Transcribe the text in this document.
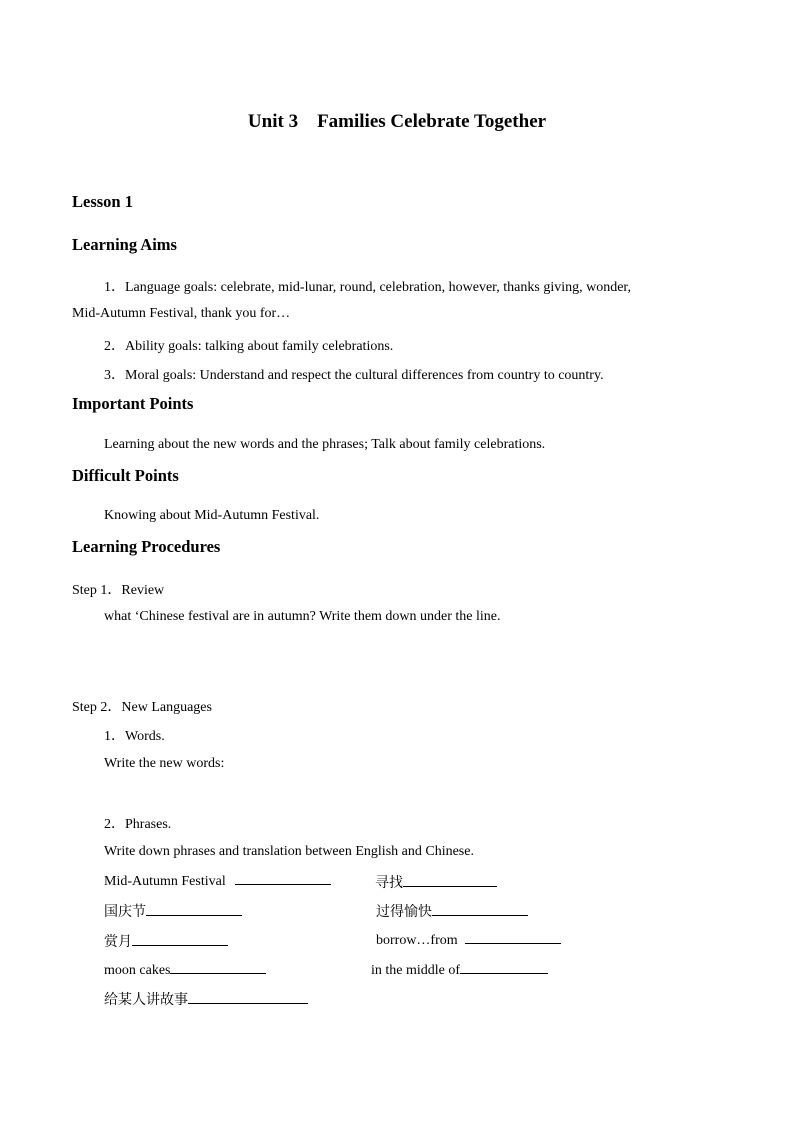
Unit 3　Families Celebrate Together
Lesson 1
Learning Aims
1．Language goals: celebrate, mid-lunar, round, celebration, however, thanks giving, wonder,
Mid-Autumn Festival, thank you for…
2．Ability goals: talking about family celebrations.
3．Moral goals: Understand and respect the cultural differences from country to country.
Important Points
Learning about the new words and the phrases; Talk about family celebrations.
Difficult Points
Knowing about Mid-Autumn Festival.
Learning Procedures
Step 1．Review
what ‘Chinese festival are in autumn? Write them down under the line.
Step 2．New Languages
1．Words.
Write the new words:
2．Phrases.
Write down phrases and translation between English and Chinese.
Mid-Autumn Festival	寻找
国庆节	过得愉快
赏月	borrow…from
moon cakes	in the middle of
给某人讲故事
